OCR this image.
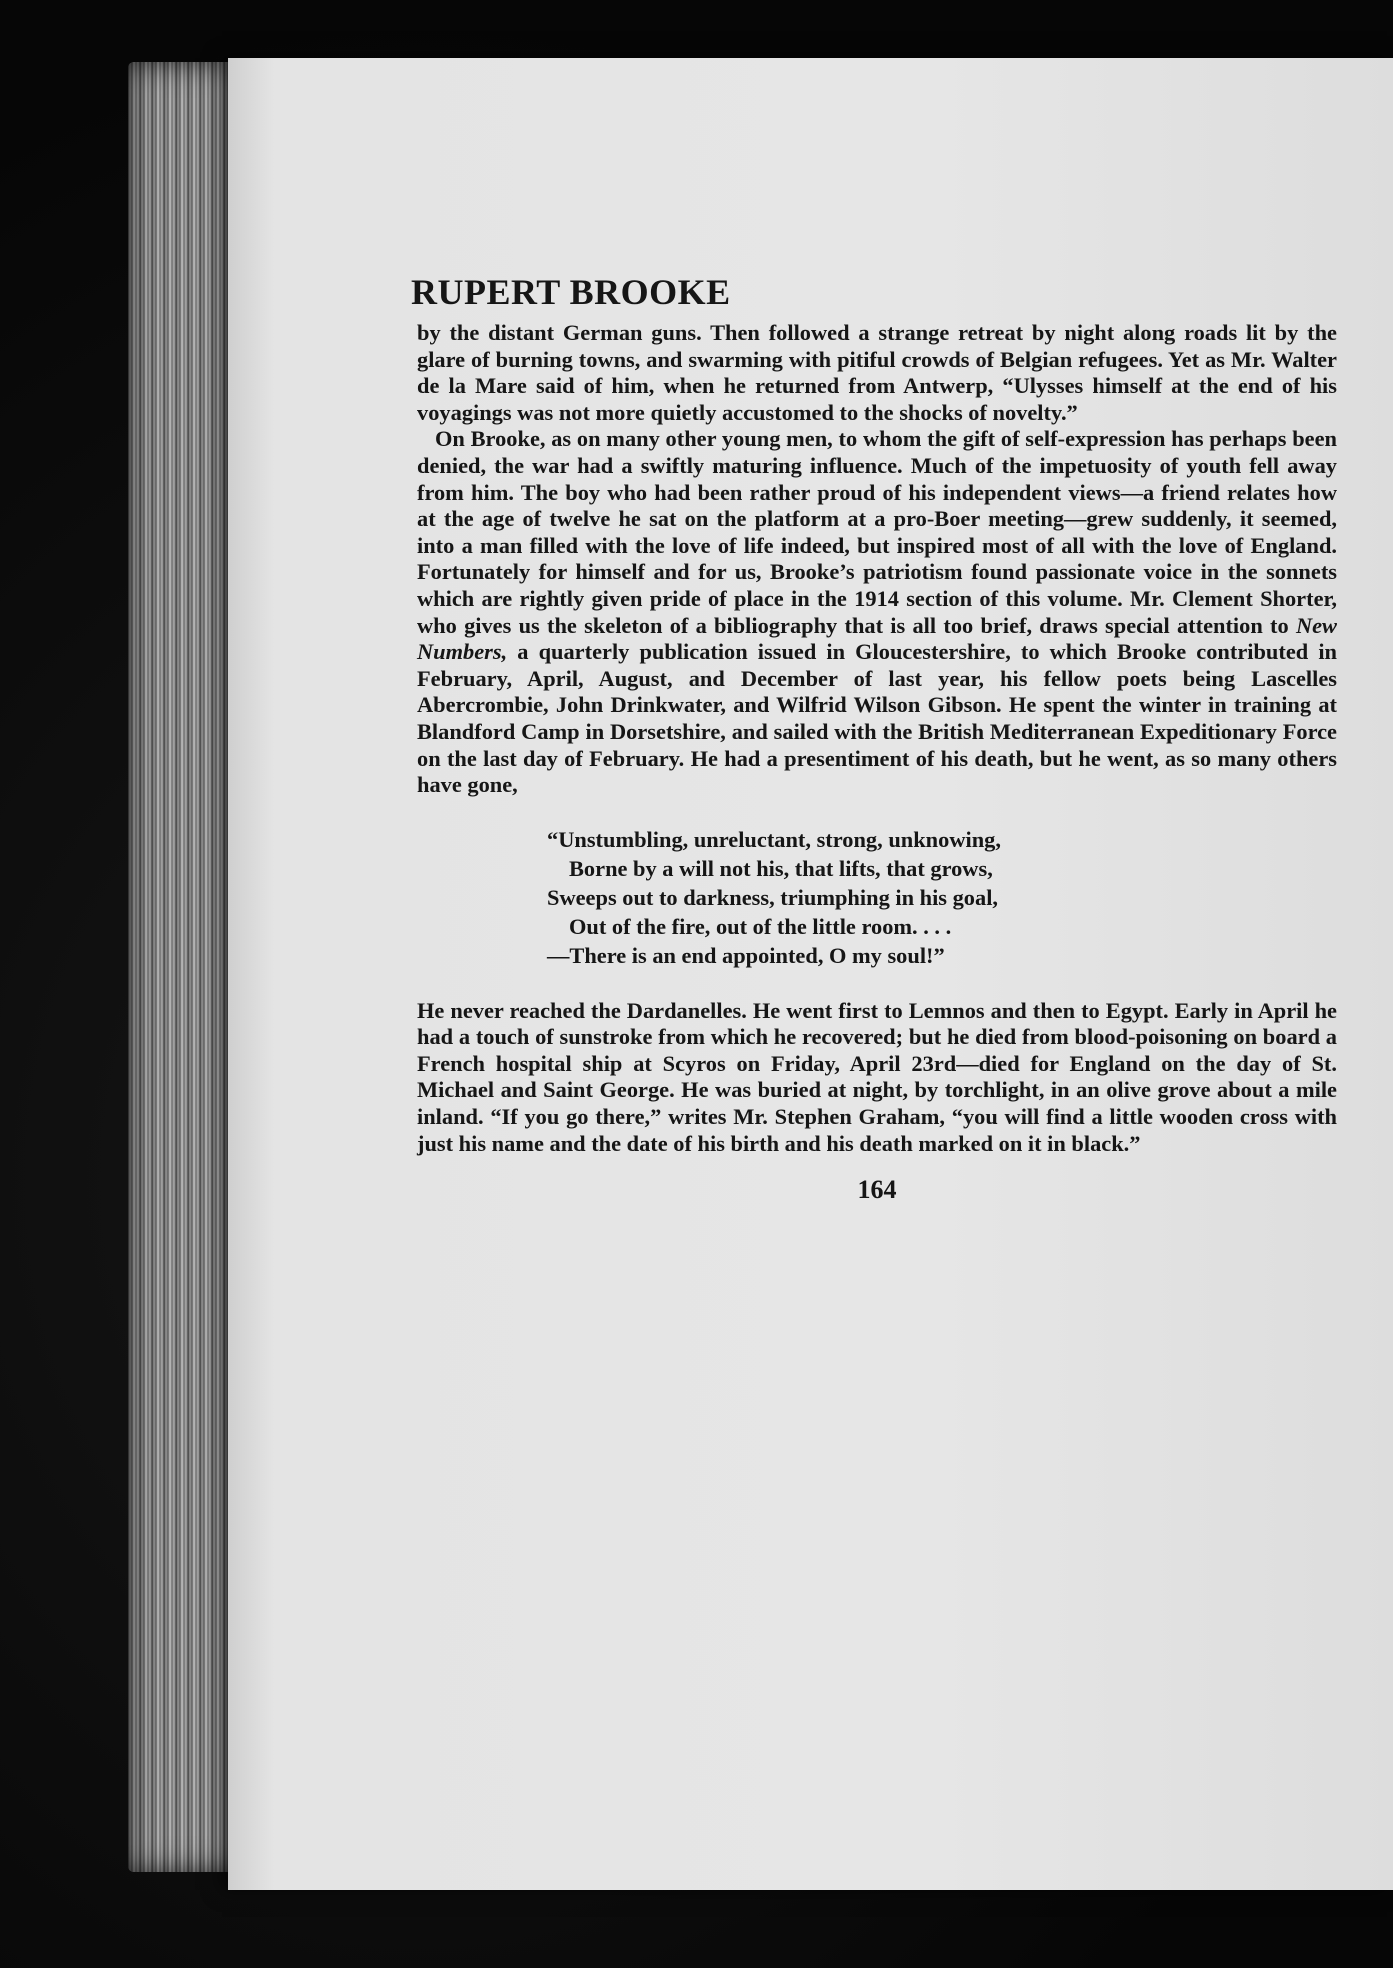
RUPERT BROOKE

by the distant German guns. Then followed a strange retreat by night along roads lit by the glare of burning towns, and swarming with pitiful crowds of Belgian refugees. Yet as Mr. Walter de la Mare said of him, when he returned from Antwerp, “Ulysses himself at the end of his voyagings was not more quietly accustomed to the shocks of novelty.”

On Brooke, as on many other young men, to whom the gift of self-expression has perhaps been denied, the war had a swiftly maturing influence. Much of the impetuosity of youth fell away from him. The boy who had been rather proud of his independent views—a friend relates how at the age of twelve he sat on the platform at a pro-Boer meeting—grew suddenly, it seemed, into a man filled with the love of life indeed, but inspired most of all with the love of England. Fortunately for himself and for us, Brooke’s patriotism found passionate voice in the sonnets which are rightly given pride of place in the 1914 section of this volume. Mr. Clement Shorter, who gives us the skeleton of a bibliography that is all too brief, draws special attention to New Numbers, a quarterly publication issued in Gloucestershire, to which Brooke contributed in February, April, August, and December of last year, his fellow poets being Lascelles Abercrombie, John Drinkwater, and Wilfrid Wilson Gibson. He spent the winter in training at Blandford Camp in Dorsetshire, and sailed with the British Mediterranean Expeditionary Force on the last day of February. He had a presentiment of his death, but he went, as so many others have gone,

“Unstumbling, unreluctant, strong, unknowing,
Borne by a will not his, that lifts, that grows,
Sweeps out to darkness, triumphing in his goal,
Out of the fire, out of the little room. . . .
—There is an end appointed, O my soul!”

He never reached the Dardanelles. He went first to Lemnos and then to Egypt. Early in April he had a touch of sunstroke from which he recovered; but he died from blood-poisoning on board a French hospital ship at Scyros on Friday, April 23rd—died for England on the day of St. Michael and Saint George. He was buried at night, by torchlight, in an olive grove about a mile inland. “If you go there,” writes Mr. Stephen Graham, “you will find a little wooden cross with just his name and the date of his birth and his death marked on it in black.”

164
